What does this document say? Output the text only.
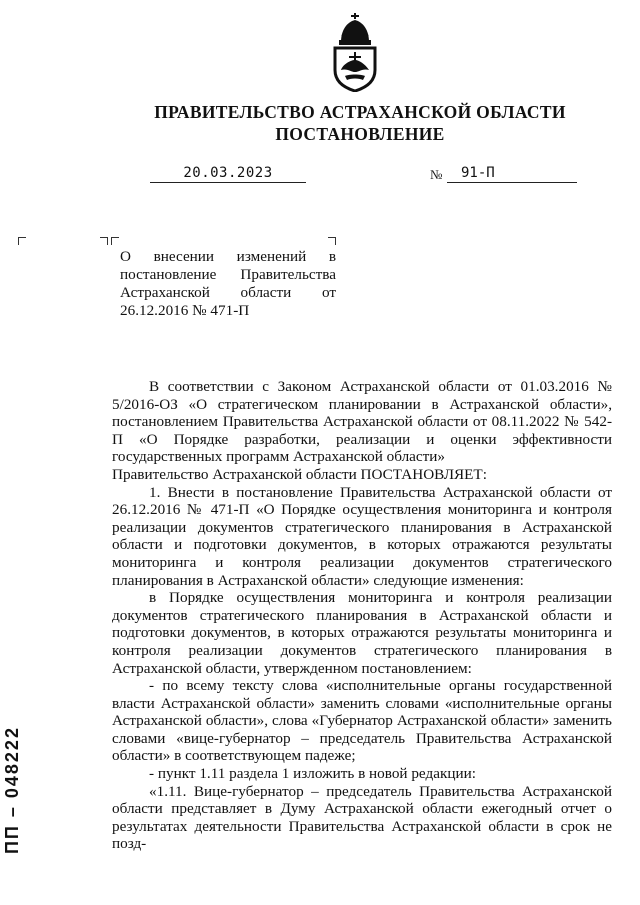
ПРАВИТЕЛЬСТВО АСТРАХАНСКОЙ ОБЛАСТИ
ПОСТАНОВЛЕНИЕ
20.03.2023	№	91-П
О внесении изменений в постановление Правительства Астраханской области от 26.12.2016 № 471-П

В соответствии с Законом Астраханской области от 01.03.2016 № 5/2016-ОЗ «О стратегическом планировании в Астраханской области», постановлением Правительства Астраханской области от 08.11.2022 № 542-П «О Порядке разработки, реализации и оценки эффективности государственных программ Астраханской области»

Правительство Астраханской области ПОСТАНОВЛЯЕТ:

1. Внести в постановление Правительства Астраханской области от 26.12.2016 № 471-П «О Порядке осуществления мониторинга и контроля реализации документов стратегического планирования в Астраханской области и подготовки документов, в которых отражаются результаты мониторинга и контроля реализации документов стратегического планирования в Астраханской области» следующие изменения:

в Порядке осуществления мониторинга и контроля реализации документов стратегического планирования в Астраханской области и подготовки документов, в которых отражаются результаты мониторинга и контроля реализации документов стратегического планирования в Астраханской области, утвержденном постановлением:

- по всему тексту слова «исполнительные органы государственной власти Астраханской области» заменить словами «исполнительные органы Астраханской области», слова «Губернатор Астраханской области» заменить словами «вице-губернатор – председатель Правительства Астраханской области» в соответствующем падеже;

- пункт 1.11 раздела 1 изложить в новой редакции:

«1.11. Вице-губернатор – председатель Правительства Астраханской области представляет в Думу Астраханской области ежегодный отчет о результатах деятельности Правительства Астраханской области в срок не позд-

ПП – 048222
